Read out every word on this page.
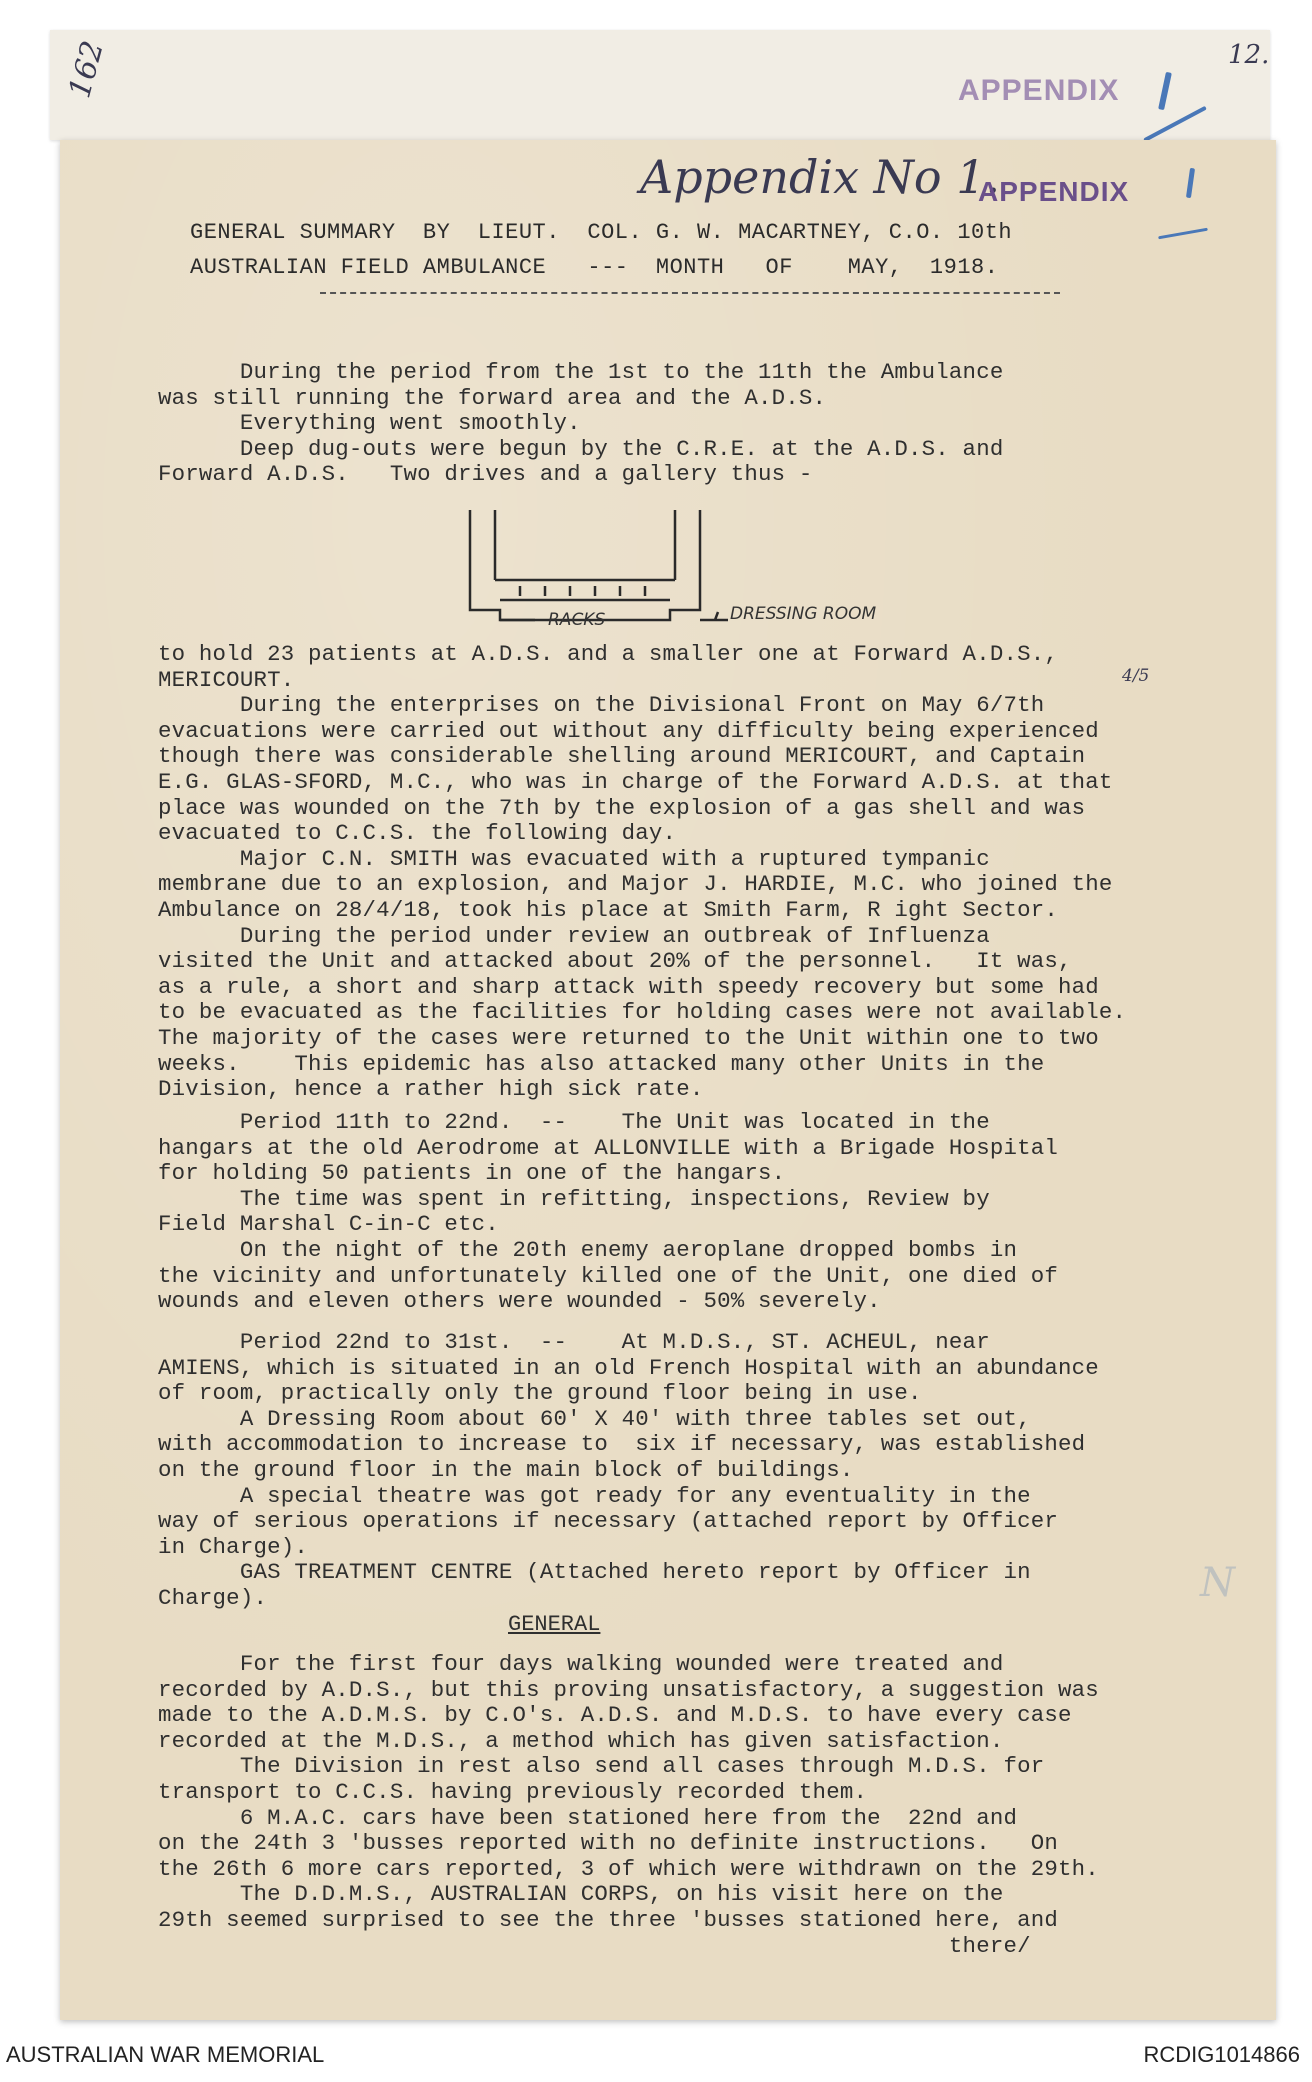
162	12.
APPENDIX
Appendix No 1.
APPENDIX
GENERAL SUMMARY  BY  LIEUT.  COL. G. W. MACARTNEY, C.O. 10th
AUSTRALIAN FIELD AMBULANCE   ---  MONTH   OF    MAY,  1918.
During the period from the 1st to the 11th the Ambulance
was still running the forward area and the A.D.S.
Everything went smoothly.
Deep dug-outs were begun by the C.R.E. at the A.D.S. and
Forward A.D.S.   Two drives and a gallery thus -
RACKS	DRESSING ROOM
4/5
to hold 23 patients at A.D.S. and a smaller one at Forward A.D.S.,
MERICOURT.
During the enterprises on the Divisional Front on May 6/7th
evacuations were carried out without any difficulty being experienced
though there was considerable shelling around MERICOURT, and Captain
E.G. GLAS-SFORD, M.C., who was in charge of the Forward A.D.S. at that
place was wounded on the 7th by the explosion of a gas shell and was
evacuated to C.C.S. the following day.
Major C.N. SMITH was evacuated with a ruptured tympanic
membrane due to an explosion, and Major J. HARDIE, M.C. who joined the
Ambulance on 28/4/18, took his place at Smith Farm, R ight Sector.
During the period under review an outbreak of Influenza
visited the Unit and attacked about 20% of the personnel.   It was,
as a rule, a short and sharp attack with speedy recovery but some had
to be evacuated as the facilities for holding cases were not available.
The majority of the cases were returned to the Unit within one to two
weeks.    This epidemic has also attacked many other Units in the
Division, hence a rather high sick rate.
Period 11th to 22nd.  --    The Unit was located in the
hangars at the old Aerodrome at ALLONVILLE with a Brigade Hospital
for holding 50 patients in one of the hangars.
The time was spent in refitting, inspections, Review by
Field Marshal C-in-C etc.
On the night of the 20th enemy aeroplane dropped bombs in
the vicinity and unfortunately killed one of the Unit, one died of
wounds and eleven others were wounded - 50% severely.
Period 22nd to 31st.  --    At M.D.S., ST. ACHEUL, near
AMIENS, which is situated in an old French Hospital with an abundance
of room, practically only the ground floor being in use.
A Dressing Room about 60' X 40' with three tables set out,
with accommodation to increase to  six if necessary, was established
on the ground floor in the main block of buildings.
A special theatre was got ready for any eventuality in the
way of serious operations if necessary (attached report by Officer
in Charge).
GAS TREATMENT CENTRE (Attached hereto report by Officer in
Charge).
GENERAL
For the first four days walking wounded were treated and
recorded by A.D.S., but this proving unsatisfactory, a suggestion was
made to the A.D.M.S. by C.O's. A.D.S. and M.D.S. to have every case
recorded at the M.D.S., a method which has given satisfaction.
The Division in rest also send all cases through M.D.S. for
transport to C.C.S. having previously recorded them.
6 M.A.C. cars have been stationed here from the  22nd and
on the 24th 3 'busses reported with no definite instructions.   On
the 26th 6 more cars reported, 3 of which were withdrawn on the 29th.
The D.D.M.S., AUSTRALIAN CORPS, on his visit here on the
29th seemed surprised to see the three 'busses stationed here, and
there/
N
AUSTRALIAN WAR MEMORIAL	RCDIG1014866
